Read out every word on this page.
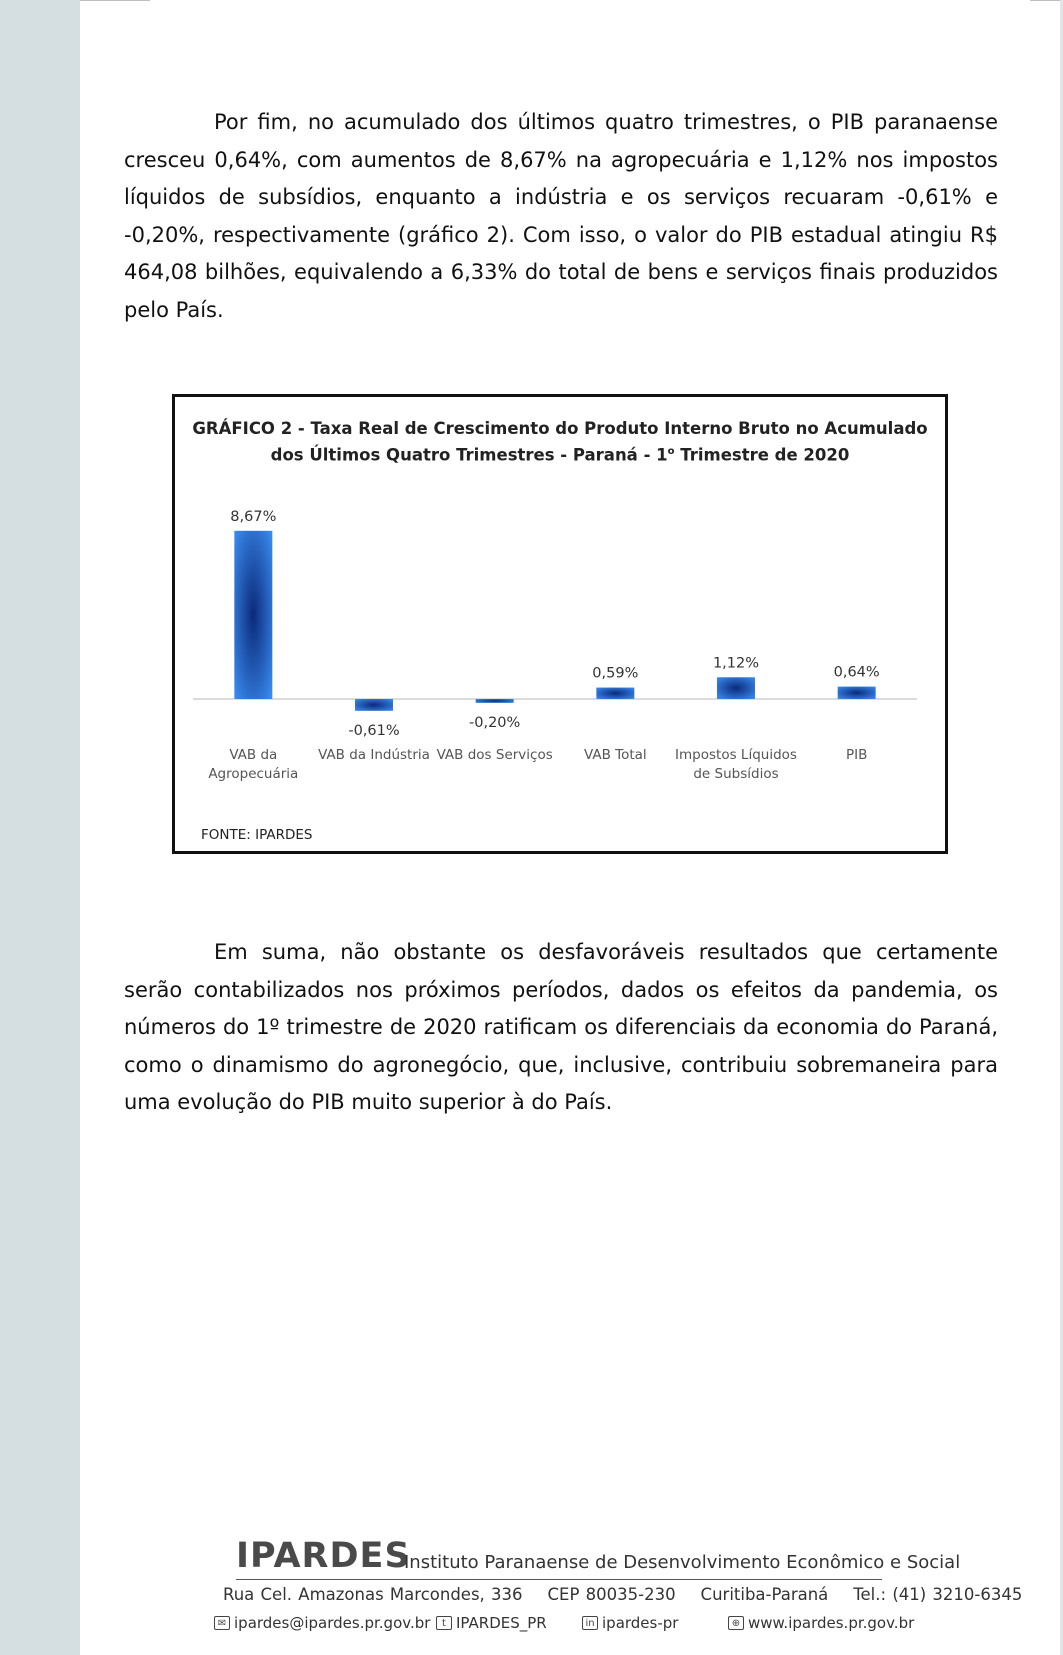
Por fim, no acumulado dos últimos quatro trimestres, o PIB paranaense cresceu 0,64%, com aumentos de 8,67% na agropecuária e 1,12% nos impostos líquidos de subsídios, enquanto a indústria e os serviços recuaram -0,61% e -0,20%, respectivamente (gráfico 2). Com isso, o valor do PIB estadual atingiu R$ 464,08 bilhões, equivalendo a 6,33% do total de bens e serviços finais produzidos pelo País.

GRÁFICO 2 - Taxa Real de Crescimento do Produto Interno Bruto no Acumulado
dos Últimos Quatro Trimestres - Paraná - 1$^o$ Trimestre de 2020
8,67%
VAB da
Agropecuária
-0,61%
VAB da Indústria
-0,20%
VAB dos Serviços
0,59%
VAB Total
1,12%
Impostos Líquidos
de Subsídios
0,64%
PIB
FONTE: IPARDES

Em suma, não obstante os desfavoráveis resultados que certamente serão contabilizados nos próximos períodos, dados os efeitos da pandemia, os números do 1º trimestre de 2020 ratificam os diferenciais da economia do Paraná, como o dinamismo do agronegócio, que, inclusive, contribuiu sobremaneira para uma evolução do PIB muito superior à do País.

IPARDES
Instituto Paranaense de Desenvolvimento Econômico e Social
Rua Cel. Amazonas Marcondes, 336    CEP 80035-230    Curitiba-Paraná    Tel.: (41) 3210-6345
✉ ipardes@ipardes.pr.gov.br	t IPARDES_PR	in ipardes-pr	⊕ www.ipardes.pr.gov.br
